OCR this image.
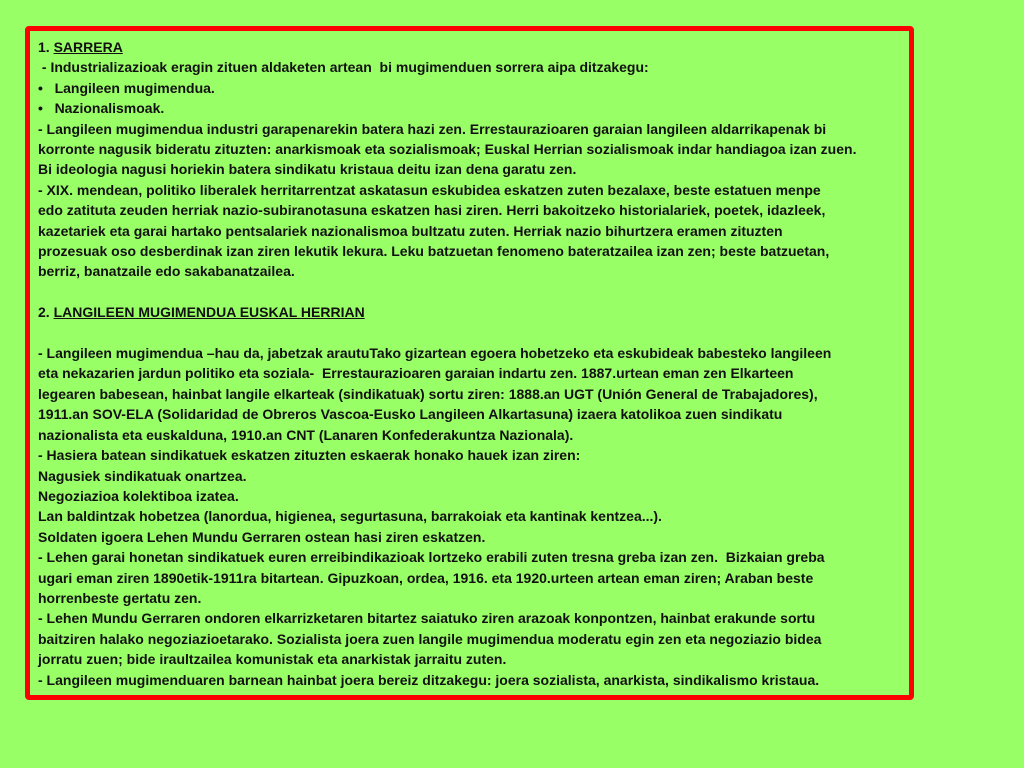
1. SARRERA
- Industrializazioak eragin zituen aldaketen artean  bi mugimenduen sorrera aipa ditzakegu:
•   Langileen mugimendua.
•   Nazionalismoak.
- Langileen mugimendua industri garapenarekin batera hazi zen. Errestaurazioaren garaian langileen aldarrikapenak bi
korronte nagusik bideratu zituzten: anarkismoak eta sozialismoak; Euskal Herrian sozialismoak indar handiagoa izan zuen.
Bi ideologia nagusi horiekin batera sindikatu kristaua deitu izan dena garatu zen.
- XIX. mendean, politiko liberalek herritarrentzat askatasun eskubidea eskatzen zuten bezalaxe, beste estatuen menpe
edo zatituta zeuden herriak nazio-subiranotasuna eskatzen hasi ziren. Herri bakoitzeko historialariek, poetek, idazleek,
kazetariek eta garai hartako pentsalariek nazionalismoa bultzatu zuten. Herriak nazio bihurtzera eramen zituzten
prozesuak oso desberdinak izan ziren lekutik lekura. Leku batzuetan fenomeno bateratzailea izan zen; beste batzuetan,
berriz, banatzaile edo sakabanatzailea.
2. LANGILEEN MUGIMENDUA EUSKAL HERRIAN
- Langileen mugimendua –hau da, jabetzak arautuTako gizartean egoera hobetzeko eta eskubideak babesteko langileen
eta nekazarien jardun politiko eta soziala-  Errestaurazioaren garaian indartu zen. 1887.urtean eman zen Elkarteen
legearen babesean, hainbat langile elkarteak (sindikatuak) sortu ziren: 1888.an UGT (Unión General de Trabajadores),
1911.an SOV-ELA (Solidaridad de Obreros Vascoa-Eusko Langileen Alkartasuna) izaera katolikoa zuen sindikatu
nazionalista eta euskalduna, 1910.an CNT (Lanaren Konfederakuntza Nazionala).
- Hasiera batean sindikatuek eskatzen zituzten eskaerak honako hauek izan ziren:
Nagusiek sindikatuak onartzea.
Negoziazioa kolektiboa izatea.
Lan baldintzak hobetzea (lanordua, higienea, segurtasuna, barrakoiak eta kantinak kentzea...).
Soldaten igoera Lehen Mundu Gerraren ostean hasi ziren eskatzen.
- Lehen garai honetan sindikatuek euren erreibindikazioak lortzeko erabili zuten tresna greba izan zen.  Bizkaian greba
ugari eman ziren 1890etik-1911ra bitartean. Gipuzkoan, ordea, 1916. eta 1920.urteen artean eman ziren; Araban beste
horrenbeste gertatu zen.
- Lehen Mundu Gerraren ondoren elkarrizketaren bitartez saiatuko ziren arazoak konpontzen, hainbat erakunde sortu
baitziren halako negoziazioetarako. Sozialista joera zuen langile mugimendua moderatu egin zen eta negoziazio bidea
jorratu zuen; bide iraultzailea komunistak eta anarkistak jarraitu zuten.
- Langileen mugimenduaren barnean hainbat joera bereiz ditzakegu: joera sozialista, anarkista, sindikalismo kristaua.
